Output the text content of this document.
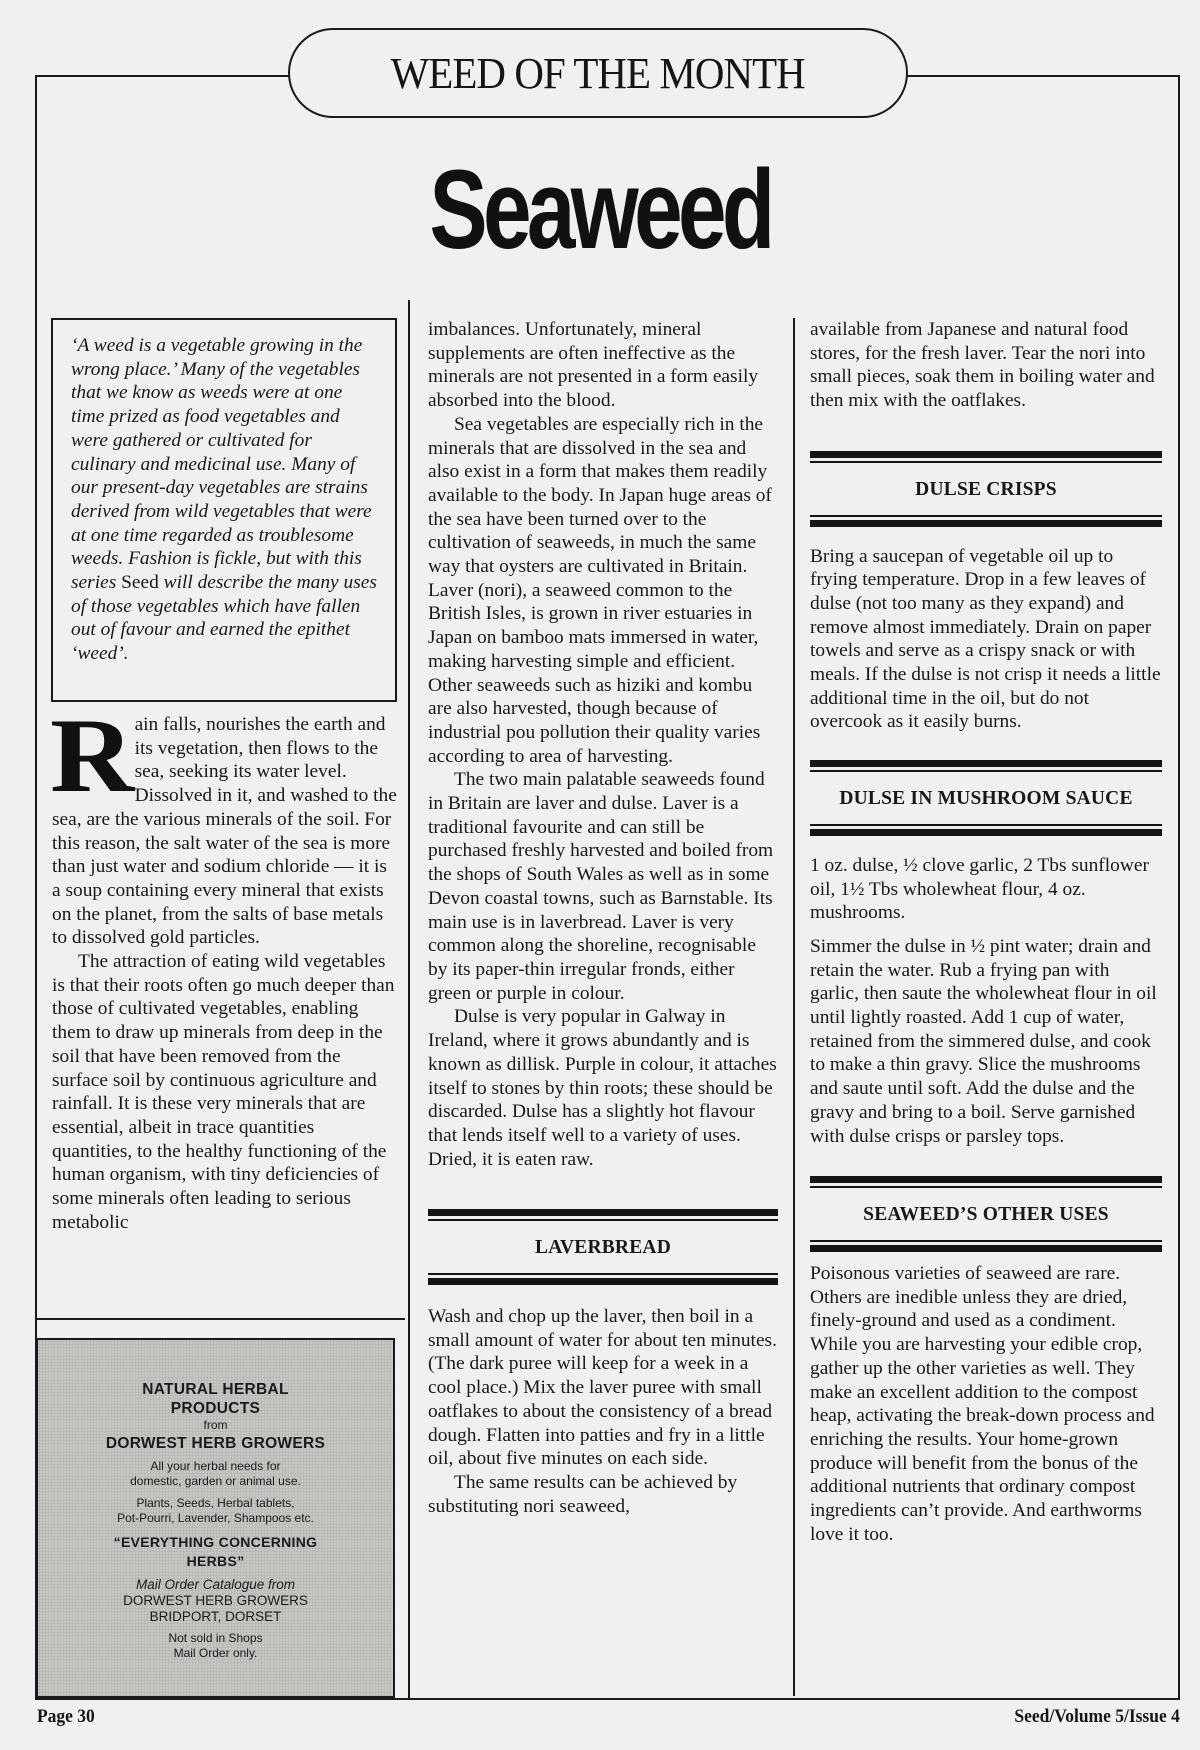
WEED OF THE MONTH
Seaweed
‘A weed is a vegetable growing in the wrong place.’ Many of the vegetables that we know as weeds were at one time prized as food vegetables and were gathered or cultivated for culinary and medicinal use. Many of our present-day vegetables are strains derived from wild vegetables that were at one time regarded as troublesome weeds. Fashion is fickle, but with this series Seed will describe the many uses of those vegetables which have fallen out of favour and earned the epithet ‘weed’.

Rain falls, nourishes the earth and its vegetation, then flows to the sea, seeking its water level. Dissolved in it, and washed to the sea, are the various minerals of the soil. For this reason, the salt water of the sea is more than just water and sodium chloride — it is a soup containing every mineral that exists on the planet, from the salts of base metals to dissolved gold particles.

The attraction of eating wild vegetables is that their roots often go much deeper than those of cultivated vegetables, enabling them to draw up minerals from deep in the soil that have been removed from the surface soil by continuous agriculture and rainfall. It is these very minerals that are essential, albeit in trace quantities quantities, to the healthy functioning of the human organism, with tiny deficiencies of some minerals often leading to serious metabolic

imbalances. Unfortunately, mineral supplements are often ineffective as the minerals are not presented in a form easily absorbed into the blood.

Sea vegetables are especially rich in the minerals that are dissolved in the sea and also exist in a form that makes them readily available to the body. In Japan huge areas of the sea have been turned over to the cultivation of seaweeds, in much the same way that oysters are cultivated in Britain. Laver (nori), a seaweed common to the British Isles, is grown in river estuaries in Japan on bamboo mats immersed in water, making harvesting simple and efficient. Other seaweeds such as hiziki and kombu are also harvested, though because of industrial pou pollution their quality varies according to area of harvesting.

The two main palatable seaweeds found in Britain are laver and dulse. Laver is a traditional favourite and can still be purchased freshly harvested and boiled from the shops of South Wales as well as in some Devon coastal towns, such as Barnstable. Its main use is in laverbread. Laver is very common along the shoreline, recognisable by its paper-thin irregular fronds, either green or purple in colour.

Dulse is very popular in Galway in Ireland, where it grows abundantly and is known as dillisk. Purple in colour, it attaches itself to stones by thin roots; these should be discarded. Dulse has a slightly hot flavour that lends itself well to a variety of uses. Dried, it is eaten raw.

LAVERBREAD

Wash and chop up the laver, then boil in a small amount of water for about ten minutes. (The dark puree will keep for a week in a cool place.) Mix the laver puree with small oatflakes to about the consistency of a bread dough. Flatten into patties and fry in a little oil, about five minutes on each side.

The same results can be achieved by substituting nori seaweed,

available from Japanese and natural food stores, for the fresh laver. Tear the nori into small pieces, soak them in boiling water and then mix with the oatflakes.

DULSE CRISPS

Bring a saucepan of vegetable oil up to frying temperature. Drop in a few leaves of dulse (not too many as they expand) and remove almost immediately. Drain on paper towels and serve as a crispy snack or with meals. If the dulse is not crisp it needs a little additional time in the oil, but do not overcook as it easily burns.

DULSE IN MUSHROOM SAUCE

1 oz. dulse, ½ clove garlic, 2 Tbs sunflower oil, 1½ Tbs wholewheat flour, 4 oz. mushrooms.

Simmer the dulse in ½ pint water; drain and retain the water. Rub a frying pan with garlic, then saute the wholewheat flour in oil until lightly roasted. Add 1 cup of water, retained from the simmered dulse, and cook to make a thin gravy. Slice the mushrooms and saute until soft. Add the dulse and the gravy and bring to a boil. Serve garnished with dulse crisps or parsley tops.

SEAWEED’S OTHER USES

Poisonous varieties of seaweed are rare. Others are inedible unless they are dried, finely-ground and used as a condiment. While you are harvesting your edible crop, gather up the other varieties as well. They make an excellent addition to the compost heap, activating the break-down process and enriching the results. Your home-grown produce will benefit from the bonus of the additional nutrients that ordinary compost ingredients can’t provide. And earthworms love it too.

NATURAL HERBAL
PRODUCTS
from
DORWEST HERB GROWERS
All your herbal needs for
domestic, garden or animal use.
Plants, Seeds, Herbal tablets,
Pot-Pourri, Lavender, Shampoos etc.
“EVERYTHING CONCERNING
HERBS”
Mail Order Catalogue from
DORWEST HERB GROWERS
BRIDPORT, DORSET
Not sold in Shops
Mail Order only.
Page 30	Seed/Volume 5/Issue 4
